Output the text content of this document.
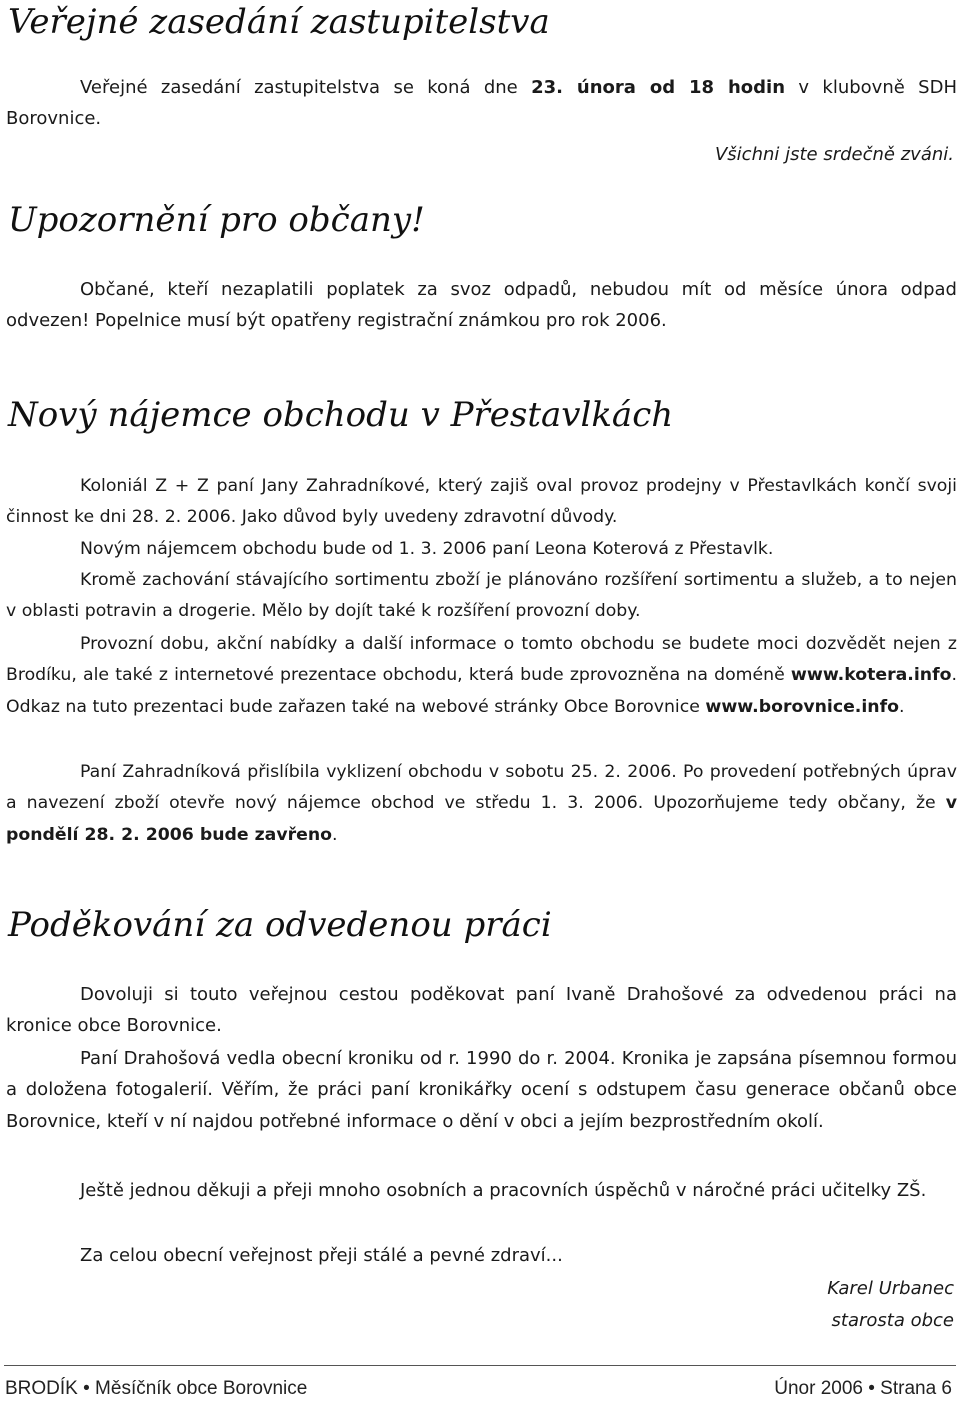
Veřejné zasedání zastupitelstva

Veřejné zasedání zastupitelstva se koná dne 23. února od 18 hodin v klubovně SDH Borovnice.

Všichni jste srdečně zváni.

Upozornění pro občany!

Občané, kteří nezaplatili poplatek za svoz odpadů, nebudou mít od měsíce února odpad odvezen! Popelnice musí být opatřeny registrační známkou pro rok 2006.

Nový nájemce obchodu v Přestavlkách

Koloniál Z + Z paní Jany Zahradníkové, který zajiš oval provoz prodejny v Přestavlkách končí svoji činnost ke dni 28. 2. 2006. Jako důvod byly uvedeny zdravotní důvody.

Novým nájemcem obchodu bude od 1. 3. 2006 paní Leona Koterová z Přestavlk.

Kromě zachování stávajícího sortimentu zboží je plánováno rozšíření sortimentu a služeb, a to nejen v oblasti potravin a drogerie. Mělo by dojít také k rozšíření provozní doby.

Provozní dobu, akční nabídky a další informace o tomto obchodu se budete moci dozvědět nejen z Brodíku, ale také z internetové prezentace obchodu, která bude zprovozněna na doméně www.kotera.info. Odkaz na tuto prezentaci bude zařazen také na webové stránky Obce Borovnice www.borovnice.info.

Paní Zahradníková přislíbila vyklizení obchodu v sobotu 25. 2. 2006. Po provedení potřebných úprav a navezení zboží otevře nový nájemce obchod ve středu 1. 3. 2006. Upozorňujeme tedy občany, že v pondělí 28. 2. 2006 bude zavřeno.

Poděkování za odvedenou práci

Dovoluji si touto veřejnou cestou poděkovat paní Ivaně Drahošové za odvedenou práci na kronice obce Borovnice.

Paní Drahošová vedla obecní kroniku od r. 1990 do r. 2004. Kronika je zapsána písemnou formou a doložena fotogalerií. Věřím, že práci paní kronikářky ocení s odstupem času generace občanů obce Borovnice, kteří v ní najdou potřebné informace o dění v obci a jejím bezprostředním okolí.

Ještě jednou děkuji a přeji mnoho osobních a pracovních úspěchů v náročné práci učitelky ZŠ.

Za celou obecní veřejnost přeji stálé a pevné zdraví...

Karel Urbanec

starosta obce

BRODÍK • Měsíčník obce Borovnice	Únor 2006 • Strana 6
